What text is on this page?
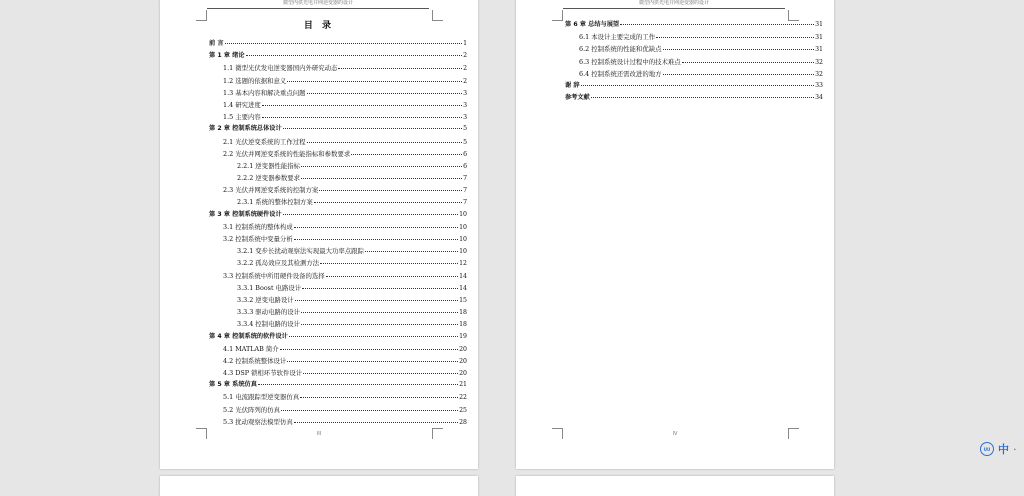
微型内供光电并网逆变器的设计
目 录
前 言	1
第 1 章 绪论	2
1.1 微型光伏发电逆变器国内外研究动态	2
1.2 选题的依据和意义	2
1.3 基本内容和解决重点问题	3
1.4 研究进度	3
1.5 主要内容	3
第 2 章 控制系统总体设计	5
2.1 光伏逆变系统的工作过程	5
2.2 光伏并网逆变系统的性能指标和参数要求	6
2.2.1 逆变器性能指标	6
2.2.2 逆变器参数要求	7
2.3 光伏并网逆变系统的控制方案	7
2.3.1 系统的整体控制方案	7
第 3 章 控制系统硬件设计	10
3.1 控制系统的整体构成	10
3.2 控制系统中变量分析	10
3.2.1 变步长扰动观察法实现最大功率点跟踪	10
3.2.2 孤岛效应及其检测方法	12
3.3 控制系统中所用硬件设备的选择	14
3.3.1 Boost 电路设计	14
3.3.2 逆变电路设计	15
3.3.3 驱动电路的设计	18
3.3.4 控制电路的设计	18
第 4 章 控制系统的软件设计	19
4.1 MATLAB 简介	20
4.2 控制系统整体设计	20
4.3 DSP 锁相环节软件设计	20
第 5 章 系统仿真	21
5.1 电流跟踪型逆变器仿真	22
5.2 光伏阵列的仿真	25
5.3 扰动观察法模型仿真	28
III
微型内供光电并网逆变器的设计
第 6 章 总结与展望	31
6.1 本设计主要完成的工作	31
6.2 控制系统的性能和优缺点	31
6.3 控制系统设计过程中的技术难点	32
6.4 控制系统还需改进的地方	32
谢 辞	33
参考文献	34
IV
UU 中 ·
